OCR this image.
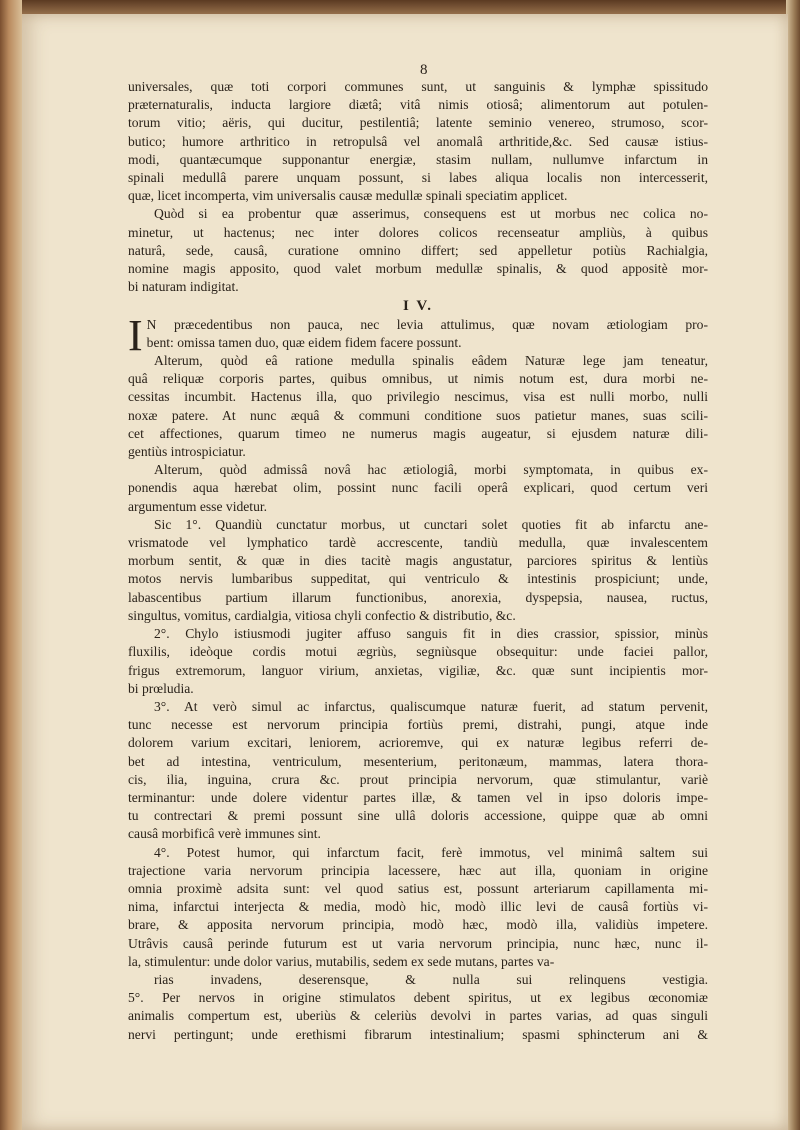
8
universales, quæ toti corpori communes sunt, ut sanguinis & lymphæ spissitudo
præternaturalis, inducta largiore diætâ; vitâ nimis otiosâ; alimentorum aut potulen-
torum vitio; aëris, qui ducitur, pestilentiâ; latente seminio venereo, strumoso, scor-
butico; humore arthritico in retropulsâ vel anomalâ arthritide,&c. Sed causæ istius-
modi, quantæcumque supponantur energiæ, stasim nullam, nullumve infarctum in
spinali medullâ parere unquam possunt, si labes aliqua localis non intercesserit,
quæ, licet incomperta, vim universalis causæ medullæ spinali speciatim applicet.
Quòd si ea probentur quæ asserimus, consequens est ut morbus nec colica no-
minetur, ut hactenus; nec inter dolores colicos recenseatur ampliùs, à quibus
naturâ, sede, causâ, curatione omnino differt; sed appelletur potiùs Rachialgia,
nomine magis apposito, quod valet morbum medullæ spinalis, & quod appositè mor-
bi naturam indigitat.
I V.
I N præcedentibus non pauca, nec levia attulimus, quæ novam ætiologiam pro-
bent: omissa tamen duo, quæ eidem fidem facere possunt.
Alterum, quòd eâ ratione medulla spinalis eâdem Naturæ lege jam teneatur,
quâ reliquæ corporis partes, quibus omnibus, ut nimis notum est, dura morbi ne-
cessitas incumbit. Hactenus illa, quo privilegio nescimus, visa est nulli morbo, nulli
noxæ patere. At nunc æquâ & communi conditione suos patietur manes, suas scili-
cet affectiones, quarum timeo ne numerus magis augeatur, si ejusdem naturæ dili-
gentiùs introspiciatur.
Alterum, quòd admissâ novâ hac ætiologiâ, morbi symptomata, in quibus ex-
ponendis aqua hærebat olim, possint nunc facili operâ explicari, quod certum veri
argumentum esse videtur.
Sic 1°. Quandiù cunctatur morbus, ut cunctari solet quoties fit ab infarctu ane-
vrismatode vel lymphatico tardè accrescente, tandiù medulla, quæ invalescentem
morbum sentit, & quæ in dies tacitè magis angustatur, parciores spiritus & lentiùs
motos nervis lumbaribus suppeditat, qui ventriculo & intestinis prospiciunt; unde,
labascentibus partium illarum functionibus, anorexia, dyspepsia, nausea, ructus,
singultus, vomitus, cardialgia, vitiosa chyli confectio & distributio, &c.
2°. Chylo istiusmodi jugiter affuso sanguis fit in dies crassior, spissior, minùs
fluxilis, ideòque cordis motui ægriùs, segniùsque obsequitur: unde faciei pallor,
frigus extremorum, languor virium, anxietas, vigiliæ, &c. quæ sunt incipientis mor-
bi prœludia.
3°. At verò simul ac infarctus, qualiscumque naturæ fuerit, ad statum pervenit,
tunc necesse est nervorum principia fortiùs premi, distrahi, pungi, atque inde
dolorem varium excitari, leniorem, acrioremve, qui ex naturæ legibus referri de-
bet ad intestina, ventriculum, mesenterium, peritonæum, mammas, latera thora-
cis, ilia, inguina, crura &c. prout principia nervorum, quæ stimulantur, variè
terminantur: unde dolere videntur partes illæ, & tamen vel in ipso doloris impe-
tu contrectari & premi possunt sine ullâ doloris accessione, quippe quæ ab omni
causâ morbificâ verè immunes sint.
4°. Potest humor, qui infarctum facit, ferè immotus, vel minimâ saltem sui
trajectione varia nervorum principia lacessere, hæc aut illa, quoniam in origine
omnia proximè adsita sunt: vel quod satius est, possunt arteriarum capillamenta mi-
nima, infarctui interjecta & media, modò hic, modò illic levi de causâ fortiùs vi-
brare, & apposita nervorum principia, modò hæc, modò illa, validiùs impetere.
Utrâvis causâ perinde futurum est ut varia nervorum principia, nunc hæc, nunc il-
la, stimulentur: unde dolor varius, mutabilis, sedem ex sede mutans, partes va-
rias invadens, deserensque, & nulla sui relinquens vestigia.
5°. Per nervos in origine stimulatos debent spiritus, ut ex legibus œconomiæ
animalis compertum est, uberiùs & celeriùs devolvi in partes varias, ad quas singuli
nervi pertingunt; unde erethismi fibrarum intestinalium; spasmi sphincterum ani &
